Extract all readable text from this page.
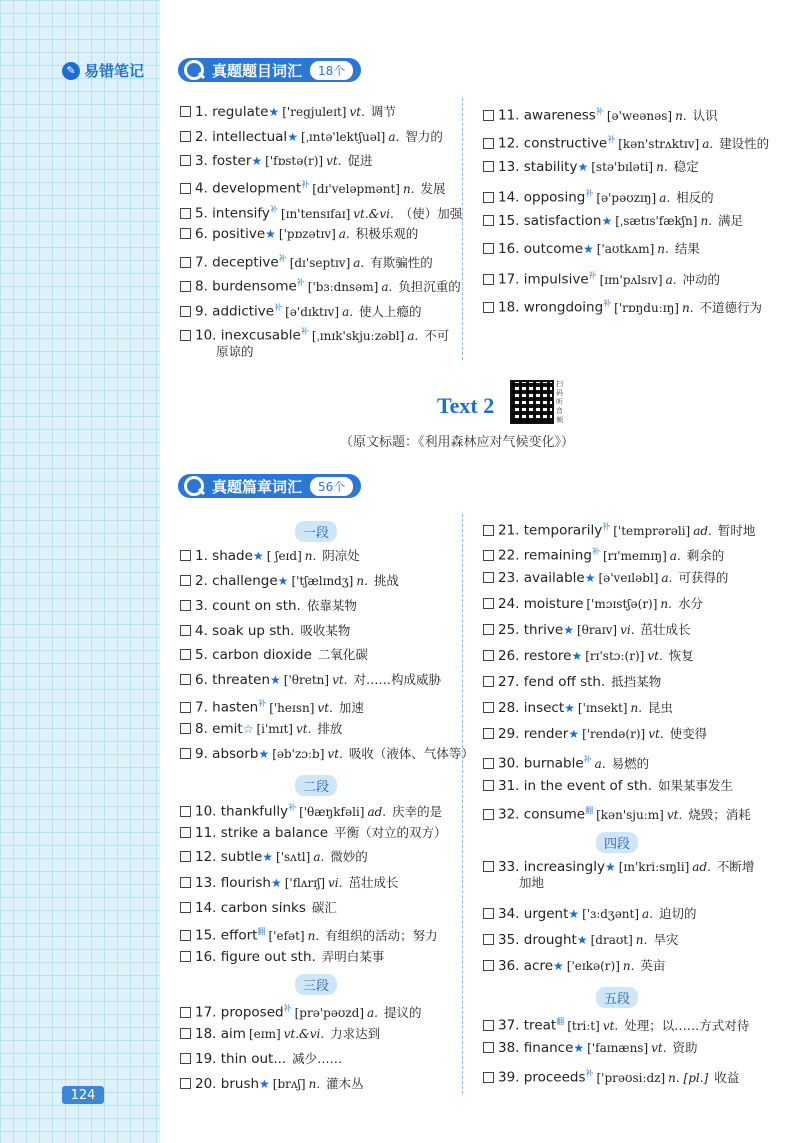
✎ 易错笔记
124
真题题目词汇	18个
1. regulate★ ['regjuleɪt] vt. 调节
2. intellectual★ [ˌɪntə'lektʃuəl] a. 智力的
3. foster★ ['fɒstə(r)] vt. 促进
4. development$^补$ [dɪ'veləpmənt] n. 发展
5. intensify$^补$ [ɪn'tensɪfaɪ] vt.&vi. （使）加强
6. positive★ ['pɒzətɪv] a. 积极乐观的
7. deceptive$^补$ [dɪ'septɪv] a. 有欺骗性的
8. burdensome$^补$ ['bɜːdnsəm] a. 负担沉重的
9. addictive$^补$ [ə'dɪktɪv] a. 使人上瘾的
10. inexcusable$^补$ [ˌɪnɪk'skjuːzəbl] a. 不可
原谅的
11. awareness$^补$ [ə'weənəs] n. 认识
12. constructive$^补$ [kən'strʌktɪv] a. 建设性的
13. stability★ [stə'bɪləti] n. 稳定
14. opposing$^补$ [ə'pəʊzɪŋ] a. 相反的
15. satisfaction★ [ˌsætɪs'fækʃn] n. 满足
16. outcome★ ['aʊtkʌm] n. 结果
17. impulsive$^补$ [ɪm'pʌlsɪv] a. 冲动的
18. wrongdoing$^补$ ['rɒŋduːɪŋ] n. 不道德行为
Text 2
扫码听音频
（原文标题：《利用森林应对气候变化》）
真题篇章词汇	56个
一段
二段
三段
四段
五段
1. shade★ [ ʃeɪd] n. 阴凉处
2. challenge★ ['tʃælɪndʒ] n. 挑战
3. count on sth. 依靠某物
4. soak up sth. 吸收某物
5. carbon dioxide 二氧化碳
6. threaten★ ['θretn] vt. 对……构成威胁
7. hasten$^补$ ['heɪsn] vt. 加速
8. emit☆ [i'mɪt] vt. 排放
9. absorb★ [əb'zɔːb] vt. 吸收（液体、气体等）
10. thankfully$^补$ ['θæŋkfəli] ad. 庆幸的是
11. strike a balance 平衡（对立的双方）
12. subtle★ ['sʌtl] a. 微妙的
13. flourish★ ['flʌrɪʃ] vi. 茁壮成长
14. carbon sinks 碳汇
15. effort$^翻$ ['efət] n. 有组织的活动；努力
16. figure out sth. 弄明白某事
17. proposed$^补$ [prə'pəʊzd] a. 提议的
18. aim [eɪm] vt.&vi. 力求达到
19. thin out... 减少……
20. brush★ [brʌʃ] n. 灌木丛
21. temporarily$^补$ ['temprərəli] ad. 暂时地
22. remaining$^补$ [rɪ'meɪnɪŋ] a. 剩余的
23. available★ [ə'veɪləbl] a. 可获得的
24. moisture ['mɔɪstʃə(r)] n. 水分
25. thrive★ [θraɪv] vi. 茁壮成长
26. restore★ [rɪ'stɔː(r)] vt. 恢复
27. fend off sth. 抵挡某物
28. insect★ ['ɪnsekt] n. 昆虫
29. render★ ['rendə(r)] vt. 使变得
30. burnable$^补$ a. 易燃的
31. in the event of sth. 如果某事发生
32. consume$^翻$ [kən'sjuːm] vt. 烧毁；消耗
33. increasingly★ [ɪn'kriːsɪŋli] ad. 不断增
加地
34. urgent★ ['ɜːdʒənt] a. 迫切的
35. drought★ [draʊt] n. 旱灾
36. acre★ ['eɪkə(r)] n. 英亩
37. treat$^翻$ [triːt] vt. 处理；以……方式对待
38. finance★ ['faɪnæns] vt. 资助
39. proceeds$^补$ ['prəʊsiːdz] n. [pl.] 收益
